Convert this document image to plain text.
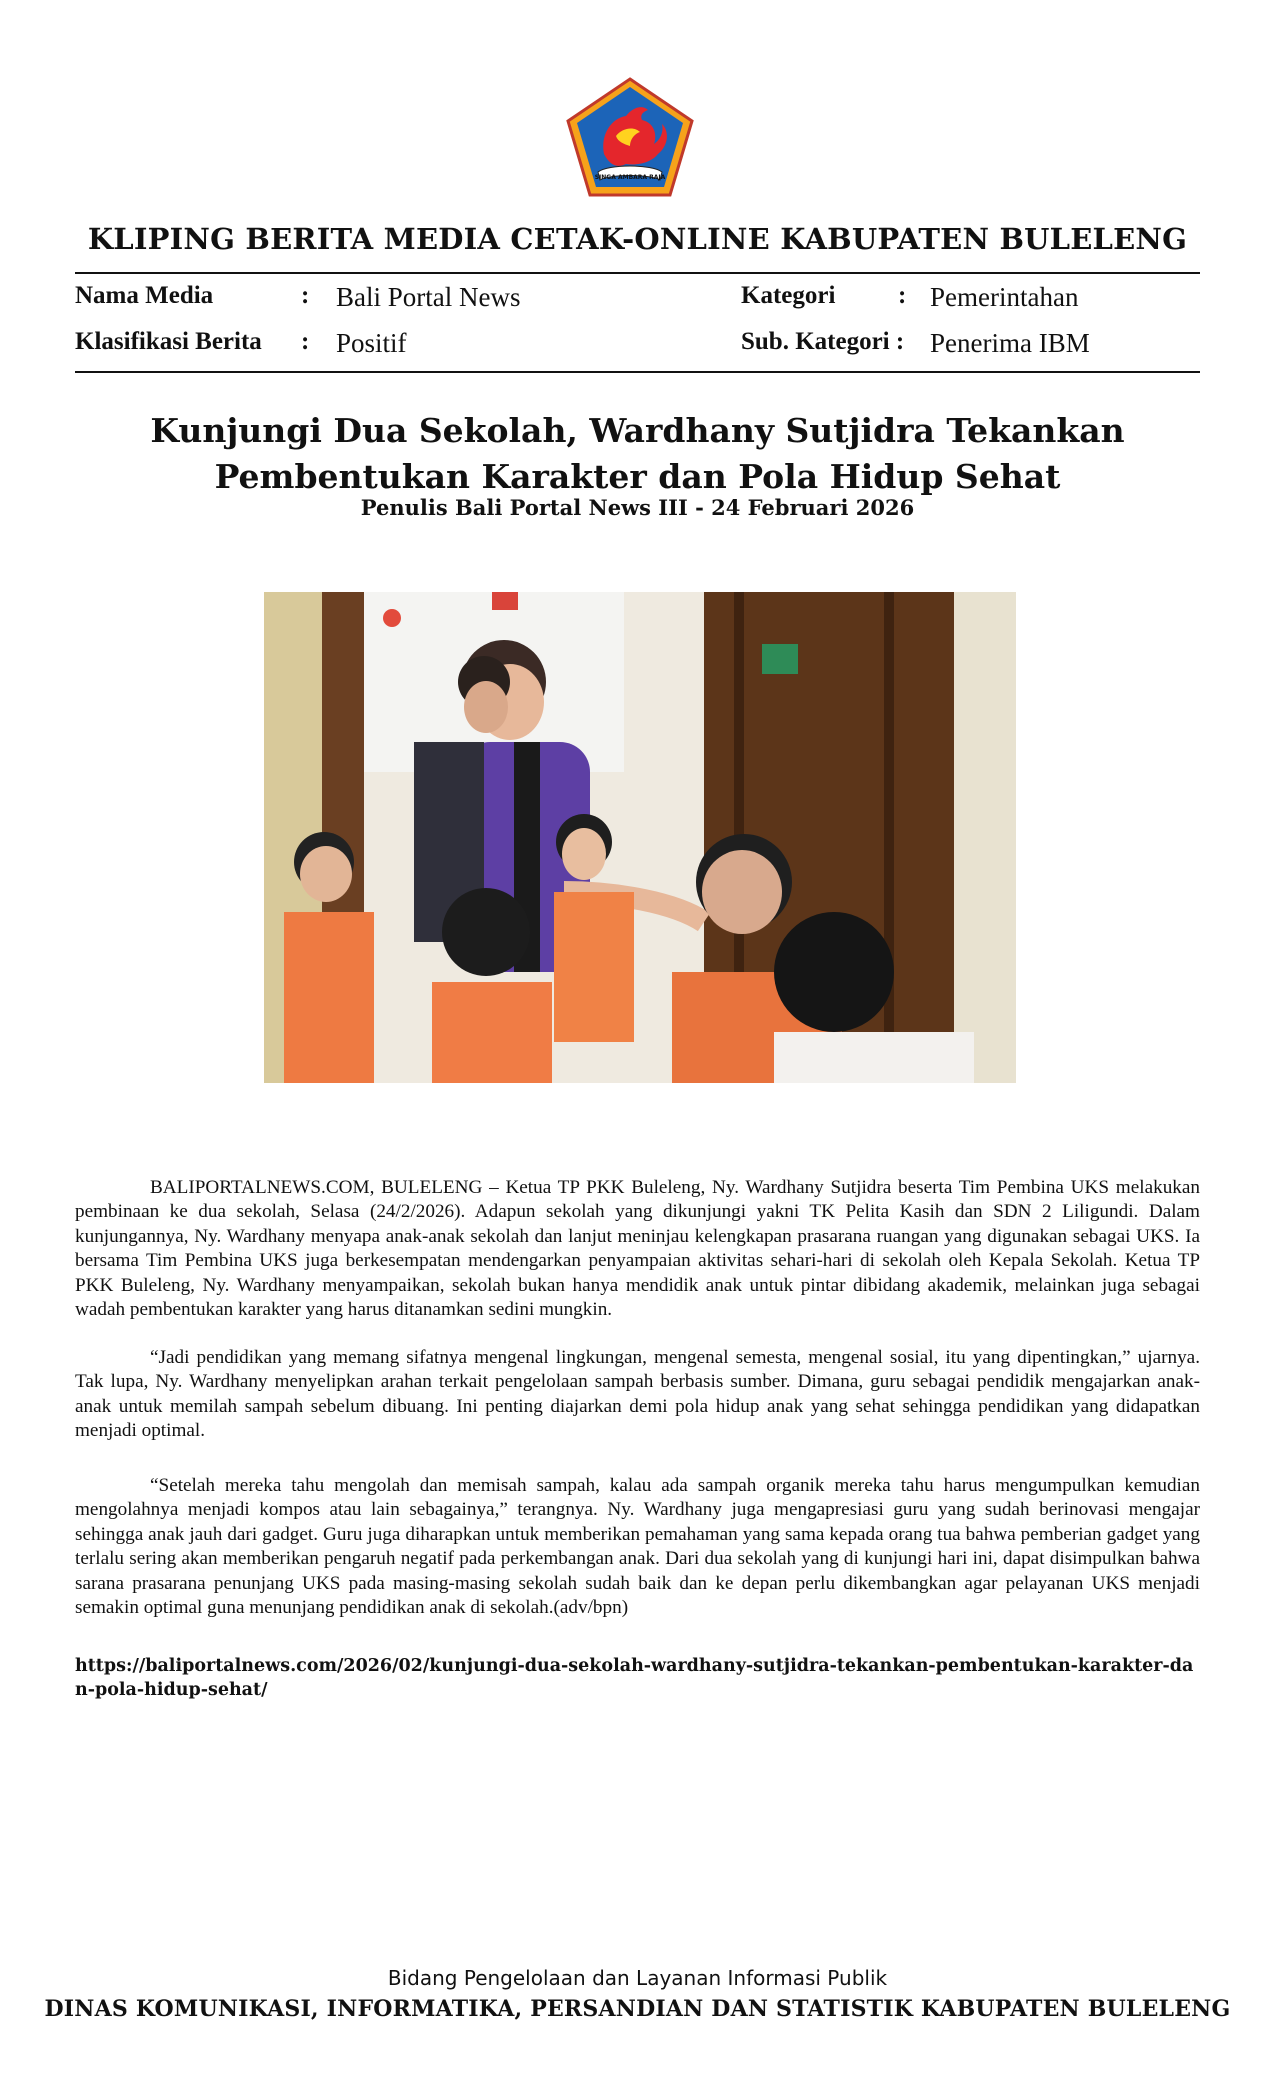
SINGA AMBARA RAJA
KLIPING BERITA MEDIA CETAK-ONLINE KABUPATEN BULELENG
Nama Media	: Bali Portal News	Kategori	: Pemerintahan
Klasifikasi Berita : Positif	Sub. Kategori : Penerima IBM
Kunjungi Dua Sekolah, Wardhany Sutjidra Tekankan Pembentukan Karakter dan Pola Hidup Sehat
Penulis Bali Portal News III - 24 Februari 2026

BALIPORTALNEWS.COM, BULELENG – Ketua TP PKK Buleleng, Ny. Wardhany Sutjidra beserta Tim Pembina UKS melakukan pembinaan ke dua sekolah, Selasa (24/2/2026). Adapun sekolah yang dikunjungi yakni TK Pelita Kasih dan SDN 2 Liligundi. Dalam kunjungannya, Ny. Wardhany menyapa anak-anak sekolah dan lanjut meninjau kelengkapan prasarana ruangan yang digunakan sebagai UKS. Ia bersama Tim Pembina UKS juga berkesempatan mendengarkan penyampaian aktivitas sehari-hari di sekolah oleh Kepala Sekolah. Ketua TP PKK Buleleng, Ny. Wardhany menyampaikan, sekolah bukan hanya mendidik anak untuk pintar dibidang akademik, melainkan juga sebagai wadah pembentukan karakter yang harus ditanamkan sedini mungkin.

“Jadi pendidikan yang memang sifatnya mengenal lingkungan, mengenal semesta, mengenal sosial, itu yang dipentingkan,” ujarnya. Tak lupa, Ny. Wardhany menyelipkan arahan terkait pengelolaan sampah berbasis sumber. Dimana, guru sebagai pendidik mengajarkan anak-anak untuk memilah sampah sebelum dibuang. Ini penting diajarkan demi pola hidup anak yang sehat sehingga pendidikan yang didapatkan menjadi optimal.

“Setelah mereka tahu mengolah dan memisah sampah, kalau ada sampah organik mereka tahu harus mengumpulkan kemudian mengolahnya menjadi kompos atau lain sebagainya,” terangnya. Ny. Wardhany juga mengapresiasi guru yang sudah berinovasi mengajar sehingga anak jauh dari gadget. Guru juga diharapkan untuk memberikan pemahaman yang sama kepada orang tua bahwa pemberian gadget yang terlalu sering akan memberikan pengaruh negatif pada perkembangan anak. Dari dua sekolah yang di kunjungi hari ini, dapat disimpulkan bahwa sarana prasarana penunjang UKS pada masing-masing sekolah sudah baik dan ke depan perlu dikembangkan agar pelayanan UKS menjadi semakin optimal guna menunjang pendidikan anak di sekolah.(adv/bpn)

https://baliportalnews.com/2026/02/kunjungi-dua-sekolah-wardhany-sutjidra-tekankan-pembentukan-karakter-dan-pola-hidup-sehat/
Bidang Pengelolaan dan Layanan Informasi Publik
DINAS KOMUNIKASI, INFORMATIKA, PERSANDIAN DAN STATISTIK KABUPATEN BULELENG
